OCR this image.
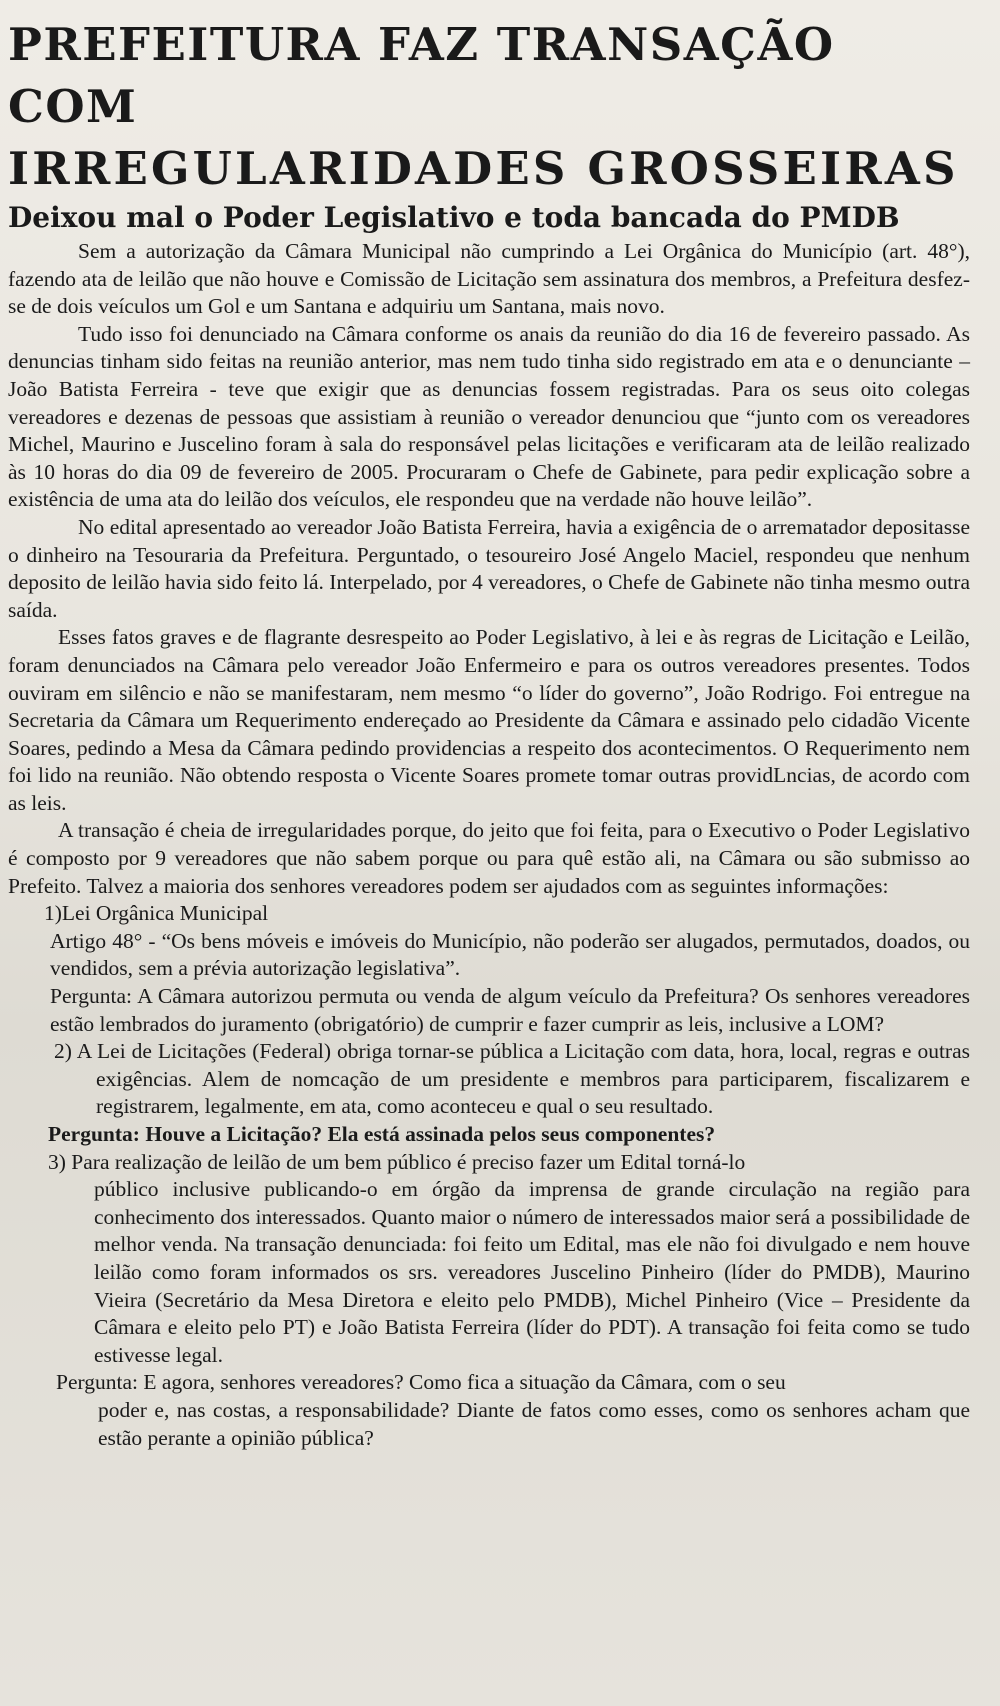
PREFEITURA FAZ TRANSAÇÃO COM
IRREGULARIDADES GROSSEIRAS
Deixou mal o Poder Legislativo e toda bancada do PMDB

Sem a autorização da Câmara Municipal não cumprindo a Lei Orgânica do Município (art. 48°), fazendo ata de leilão que não houve e Comissão de Licitação sem assinatura dos membros, a Prefeitura desfez-se de dois veículos um Gol e um Santana e adquiriu um Santana, mais novo.

Tudo isso foi denunciado na Câmara conforme os anais da reunião do dia 16 de fevereiro passado. As denuncias tinham sido feitas na reunião anterior, mas nem tudo tinha sido registrado em ata e o denunciante – João Batista Ferreira - teve que exigir que as denuncias fossem registradas. Para os seus oito colegas vereadores e dezenas de pessoas que assistiam à reunião o vereador denunciou que “junto com os vereadores Michel, Maurino e Juscelino foram à sala do responsável pelas licitações e verificaram ata de leilão realizado às 10 horas do dia 09 de fevereiro de 2005. Procuraram o Chefe de Gabinete, para pedir explicação sobre a existência de uma ata do leilão dos veículos, ele respondeu que na verdade não houve leilão”.

No edital apresentado ao vereador João Batista Ferreira, havia a exigência de o arrematador depositasse o dinheiro na Tesouraria da Prefeitura. Perguntado, o tesoureiro José Angelo Maciel, respondeu que nenhum deposito de leilão havia sido feito lá. Interpelado, por 4 vereadores, o Chefe de Gabinete não tinha mesmo outra saída.

Esses fatos graves e de flagrante desrespeito ao Poder Legislativo, à lei e às regras de Licitação e Leilão, foram denunciados na Câmara pelo vereador João Enfermeiro e para os outros vereadores presentes. Todos ouviram em silêncio e não se manifestaram, nem mesmo “o líder do governo”, João Rodrigo. Foi entregue na Secretaria da Câmara um Requerimento endereçado ao Presidente da Câmara e assinado pelo cidadão Vicente Soares, pedindo a Mesa da Câmara pedindo providencias a respeito dos acontecimentos. O Requerimento nem foi lido na reunião. Não obtendo resposta o Vicente Soares promete tomar outras providLncias, de acordo com as leis.

A transação é cheia de irregularidades porque, do jeito que foi feita, para o Executivo o Poder Legislativo é composto por 9 vereadores que não sabem porque ou para quê estão ali, na Câmara ou são submisso ao Prefeito. Talvez a maioria dos senhores vereadores podem ser ajudados com as seguintes informações:

1)Lei Orgânica Municipal

Artigo 48° - “Os bens móveis e imóveis do Município, não poderão ser alugados, permutados, doados, ou vendidos, sem a prévia autorização legislativa”.

Pergunta: A Câmara autorizou permuta ou venda de algum veículo da Prefeitura? Os senhores vereadores estão lembrados do juramento (obrigatório) de cumprir e fazer cumprir as leis, inclusive a LOM?

2) A Lei de Licitações (Federal) obriga tornar-se pública a Licitação com data, hora, local, regras e outras exigências. Alem de nomcação de um presidente e membros para participarem, fiscalizarem e registrarem, legalmente, em ata, como aconteceu e qual o seu resultado.

Pergunta: Houve a Licitação? Ela está assinada pelos seus componentes?

3) Para realização de leilão de um bem público é preciso fazer um Edital torná-lo

público inclusive publicando-o em órgão da imprensa de grande circulação na região para conhecimento dos interessados. Quanto maior o número de interessados maior será a possibilidade de melhor venda. Na transação denunciada: foi feito um Edital, mas ele não foi divulgado e nem houve leilão como foram informados os srs. vereadores Juscelino Pinheiro (líder do PMDB), Maurino Vieira (Secretário da Mesa Diretora e eleito pelo PMDB), Michel Pinheiro (Vice – Presidente da Câmara e eleito pelo PT) e João Batista Ferreira (líder do PDT). A transação foi feita como se tudo estivesse legal.

Pergunta: E agora, senhores vereadores? Como fica a situação da Câmara, com o seu
poder e, nas costas, a responsabilidade? Diante de fatos como esses, como os senhores acham que estão perante a opinião pública?
